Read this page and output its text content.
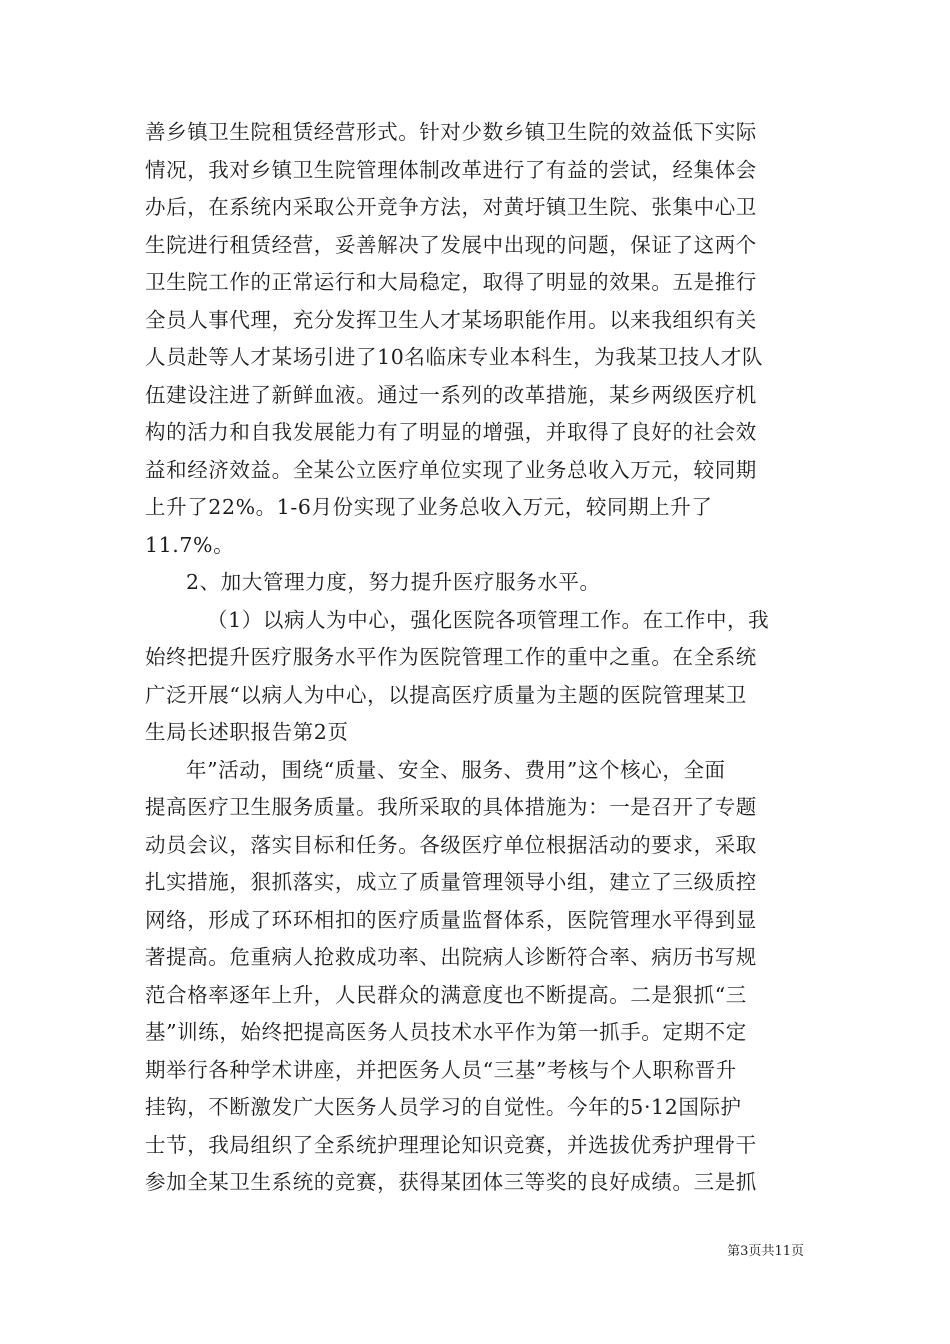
善乡镇卫生院租赁经营形式。针对少数乡镇卫生院的效益低下实际
情况，我对乡镇卫生院管理体制改革进行了有益的尝试，经集体会
办后，在系统内采取公开竞争方法，对黄圩镇卫生院、张集中心卫
生院进行租赁经营，妥善解决了发展中出现的问题，保证了这两个
卫生院工作的正常运行和大局稳定，取得了明显的效果。五是推行
全员人事代理，充分发挥卫生人才某场职能作用。以来我组织有关
人员赴等人才某场引进了10名临床专业本科生，为我某卫技人才队
伍建设注进了新鲜血液。通过一系列的改革措施，某乡两级医疗机
构的活力和自我发展能力有了明显的增强，并取得了良好的社会效
益和经济效益。全某公立医疗单位实现了业务总收入万元，较同期
上升了22%。1-6月份实现了业务总收入万元，较同期上升了
11.7%。
2、加大管理力度，努力提升医疗服务水平。
（1）以病人为中心，强化医院各项管理工作。在工作中，我
始终把提升医疗服务水平作为医院管理工作的重中之重。在全系统
广泛开展“以病人为中心，以提高医疗质量为主题的医院管理某卫
生局长述职报告第2页
年”活动，围绕“质量、安全、服务、费用”这个核心，全面
提高医疗卫生服务质量。我所采取的具体措施为：一是召开了专题
动员会议，落实目标和任务。各级医疗单位根据活动的要求，采取
扎实措施，狠抓落实，成立了质量管理领导小组，建立了三级质控
网络，形成了环环相扣的医疗质量监督体系，医院管理水平得到显
著提高。危重病人抢救成功率、出院病人诊断符合率、病历书写规
范合格率逐年上升，人民群众的满意度也不断提高。二是狠抓“三
基”训练，始终把提高医务人员技术水平作为第一抓手。定期不定
期举行各种学术讲座，并把医务人员“三基”考核与个人职称晋升
挂钩，不断激发广大医务人员学习的自觉性。今年的5·12国际护
士节，我局组织了全系统护理理论知识竞赛，并选拔优秀护理骨干
参加全某卫生系统的竞赛，获得某团体三等奖的良好成绩。三是抓
第3页共11页
